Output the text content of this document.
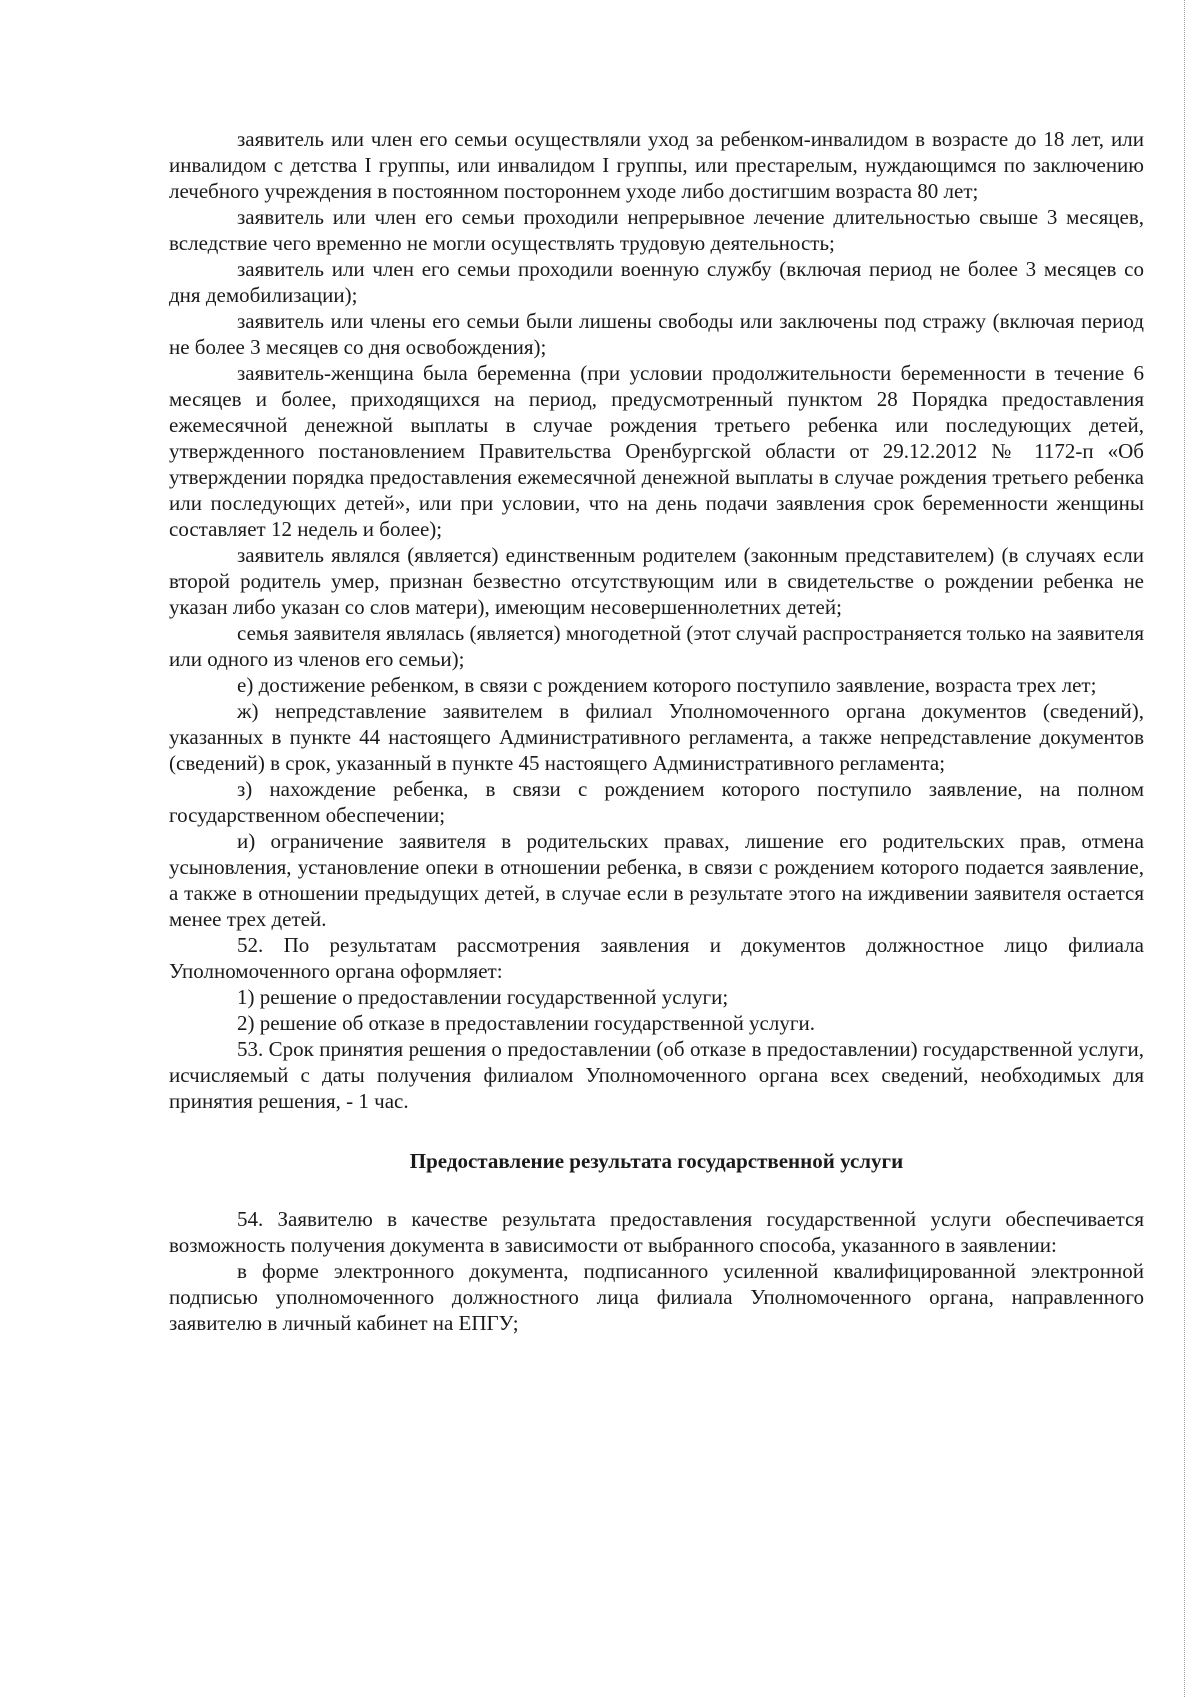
заявитель или член его семьи осуществляли уход за ребенком-инвалидом в возрасте до 18 лет, или инвалидом с детства I группы, или инвалидом I группы, или престарелым, нуждающимся по заключению лечебного учреждения в постоянном постороннем уходе либо достигшим возраста 80 лет;

заявитель или член его семьи проходили непрерывное лечение длительностью свыше 3 месяцев, вследствие чего временно не могли осуществлять трудовую деятельность;

заявитель или член его семьи проходили военную службу (включая период не более 3 месяцев со дня демобилизации);

заявитель или члены его семьи были лишены свободы или заключены под стражу (включая период не более 3 месяцев со дня освобождения);

заявитель-женщина была беременна (при условии продолжительности беременности в течение 6 месяцев и более, приходящихся на период, предусмотренный пунктом 28 Порядка предоставления ежемесячной денежной выплаты в случае рождения третьего ребенка или последующих детей, утвержденного постановлением Правительства Оренбургской области от 29.12.2012 № 1172-п «Об утверждении порядка предоставления ежемесячной денежной выплаты в случае рождения третьего ребенка или последующих детей», или при условии, что на день подачи заявления срок беременности женщины составляет 12 недель и более);

заявитель являлся (является) единственным родителем (законным представителем) (в случаях если второй родитель умер, признан безвестно отсутствующим или в свидетельстве о рождении ребенка не указан либо указан со слов матери), имеющим несовершеннолетних детей;

семья заявителя являлась (является) многодетной (этот случай распространяется только на заявителя или одного из членов его семьи);

е) достижение ребенком, в связи с рождением которого поступило заявление, возраста трех лет;

ж) непредставление заявителем в филиал Уполномоченного органа документов (сведений), указанных в пункте 44 настоящего Административного регламента, а также непредставление документов (сведений) в срок, указанный в пункте 45 настоящего Административного регламента;

з) нахождение ребенка, в связи с рождением которого поступило заявление, на полном государственном обеспечении;

и) ограничение заявителя в родительских правах, лишение его родительских прав, отмена усыновления, установление опеки в отношении ребенка, в связи с рождением которого подается заявление, а также в отношении предыдущих детей, в случае если в результате этого на иждивении заявителя остается менее трех детей.

52. По результатам рассмотрения заявления и документов должностное лицо филиала Уполномоченного органа оформляет:

1) решение о предоставлении государственной услуги;

2) решение об отказе в предоставлении государственной услуги.

53. Срок принятия решения о предоставлении (об отказе в предоставлении) государственной услуги, исчисляемый с даты получения филиалом Уполномоченного органа всех сведений, необходимых для принятия решения, - 1 час.

Предоставление результата государственной услуги

54. Заявителю в качестве результата предоставления государственной услуги обеспечивается возможность получения документа в зависимости от выбранного способа, указанного в заявлении:

в форме электронного документа, подписанного усиленной квалифицированной электронной подписью уполномоченного должностного лица филиала Уполномоченного органа, направленного заявителю в личный кабинет на ЕПГУ;
